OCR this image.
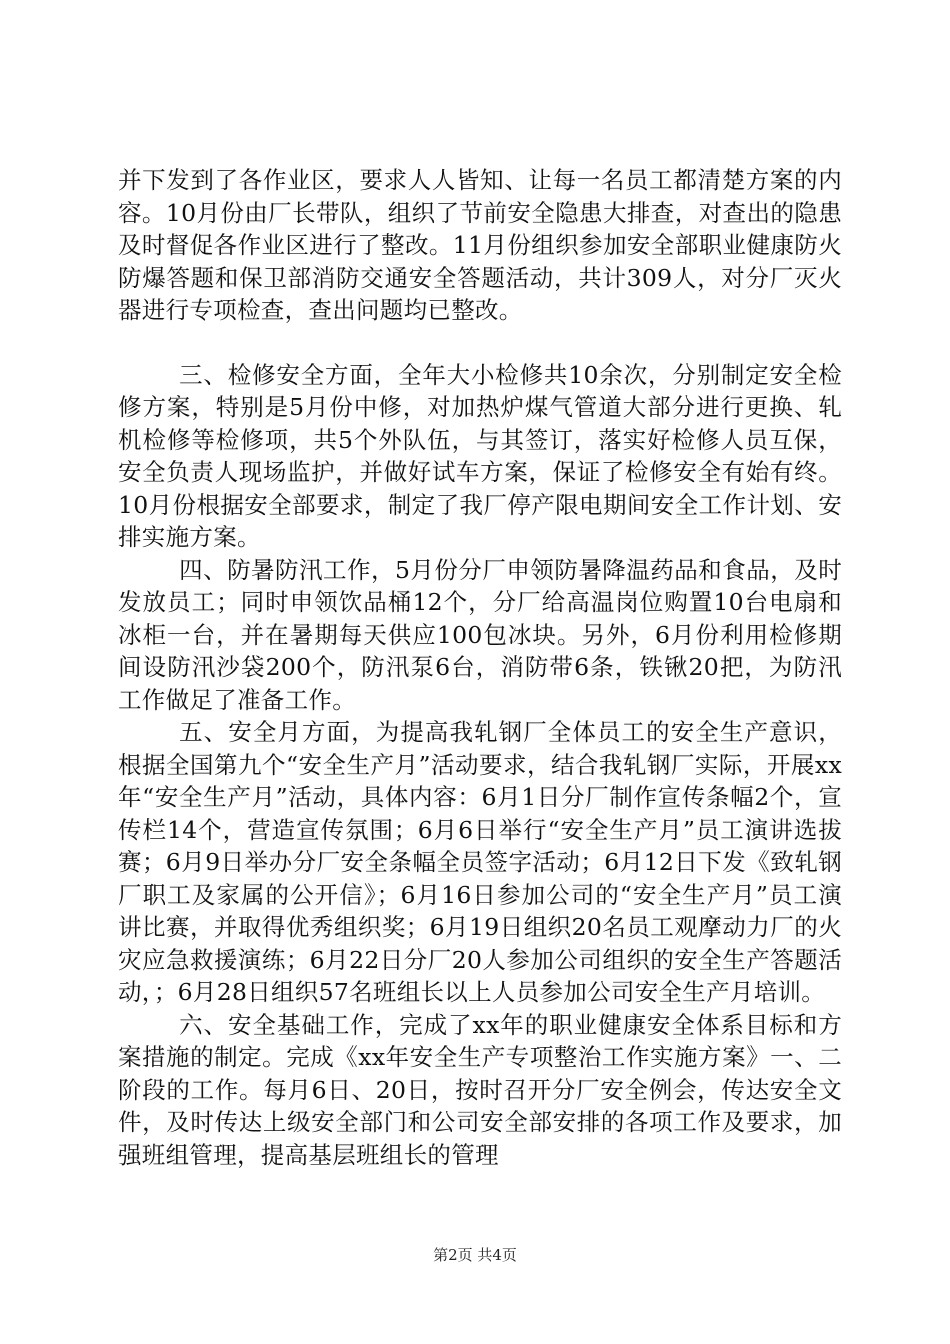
并下发到了各作业区，要求人人皆知、让每一名员工都清楚方案的内容。10月份由厂长带队，组织了节前安全隐患大排查，对查出的隐患及时督促各作业区进行了整改。11月份组织参加安全部职业健康防火防爆答题和保卫部消防交通安全答题活动，共计309人，对分厂灭火器进行专项检查，查出问题均已整改。

三、检修安全方面，全年大小检修共10余次，分别制定安全检修方案，特别是5月份中修，对加热炉煤气管道大部分进行更换、轧机检修等检修项，共5个外队伍，与其签订，落实好检修人员互保，安全负责人现场监护，并做好试车方案，保证了检修安全有始有终。10月份根据安全部要求，制定了我厂停产限电期间安全工作计划、安排实施方案。

四、防暑防汛工作，5月份分厂申领防暑降温药品和食品，及时发放员工；同时申领饮品桶12个，分厂给高温岗位购置10台电扇和冰柜一台，并在暑期每天供应100包冰块。另外，6月份利用检修期间设防汛沙袋200个，防汛泵6台，消防带6条，铁锹20把，为防汛工作做足了准备工作。

五、安全月方面，为提高我轧钢厂全体员工的安全生产意识，根据全国第九个“安全生产月”活动要求，结合我轧钢厂实际，开展xx年“安全生产月”活动，具体内容：6月1日分厂制作宣传条幅2个，宣传栏14个，营造宣传氛围；6月6日举行“安全生产月”员工演讲选拔赛；6月9日举办分厂安全条幅全员签字活动；6月12日下发《致轧钢厂职工及家属的公开信》；6月16日参加公司的“安全生产月”员工演讲比赛，并取得优秀组织奖；6月19日组织20名员工观摩动力厂的火灾应急救援演练；6月22日分厂20人参加公司组织的安全生产答题活动，；6月28日组织57名班组长以上人员参加公司安全生产月培训。

六、安全基础工作，完成了xx年的职业健康安全体系目标和方案措施的制定。完成《xx年安全生产专项整治工作实施方案》一、二阶段的工作。每月6日、20日，按时召开分厂安全例会，传达安全文件，及时传达上级安全部门和公司安全部安排的各项工作及要求，加强班组管理，提高基层班组长的管理

第2页 共4页
